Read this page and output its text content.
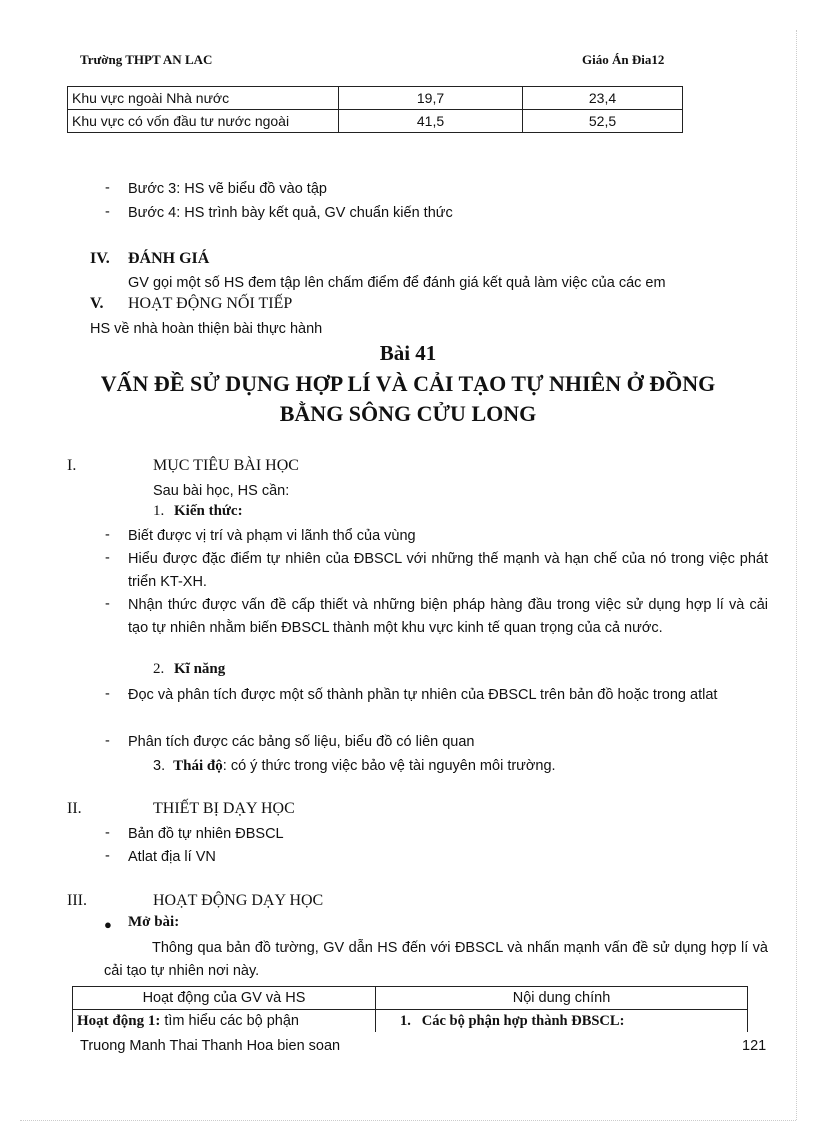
Trường THPT AN LAC	Giáo Án Đia12
Khu vực ngoài Nhà nước	19,7	23,4
Khu vực có vốn đầu tư nước ngoài	41,5	52,5
- Bước 3: HS vẽ biểu đồ vào tập
- Bước 4: HS trình bày kết quả, GV chuẩn kiến thức
IV. ĐÁNH GIÁ
GV gọi một số HS đem tập lên chấm điểm để đánh giá kết quả làm việc của các em
V. HOẠT ĐỘNG NỐI TIẾP
HS về nhà hoàn thiện bài thực hành
Bài 41
VẤN ĐỀ SỬ DỤNG HỢP LÍ VÀ CẢI TẠO TỰ NHIÊN Ở ĐỒNG
BẰNG SÔNG CỬU LONG
I.	MỤC TIÊU BÀI HỌC
Sau bài học, HS cần:
1. Kiến thức:
- Biết được vị trí và phạm vi lãnh thổ của vùng
- Hiểu được đặc điểm tự nhiên của ĐBSCL với những thế mạnh và hạn chế của nó trong việc phát triển KT-XH.
- Nhận thức được vấn đề cấp thiết và những biện pháp hàng đầu trong việc sử dụng hợp lí và cải tạo tự nhiên nhằm biến ĐBSCL thành một khu vực kinh tế quan trọng của cả nước.
2. Kĩ năng
- Đọc và phân tích được một số thành phần tự nhiên của ĐBSCL trên bản đồ hoặc trong atlat
- Phân tích được các bảng số liệu, biểu đồ có liên quan
3. Thái độ: có ý thức trong việc bảo vệ tài nguyên môi trường.
II.	THIẾT BỊ DẠY HỌC
- Bản đồ tự nhiên ĐBSCL
- Atlat địa lí VN
III.	HOẠT ĐỘNG DẠY HỌC
● Mở bài:
Thông qua bản đồ tường, GV dẫn HS đến với ĐBSCL và nhấn mạnh vấn đề sử dụng hợp lí và cải tạo tự nhiên nơi này.
Hoạt động của GV và HS	Nội dung chính
Hoạt động 1: tìm hiểu các bộ phận	1. Các bộ phận hợp thành ĐBSCL:
Truong Manh Thai Thanh Hoa bien soan	121
